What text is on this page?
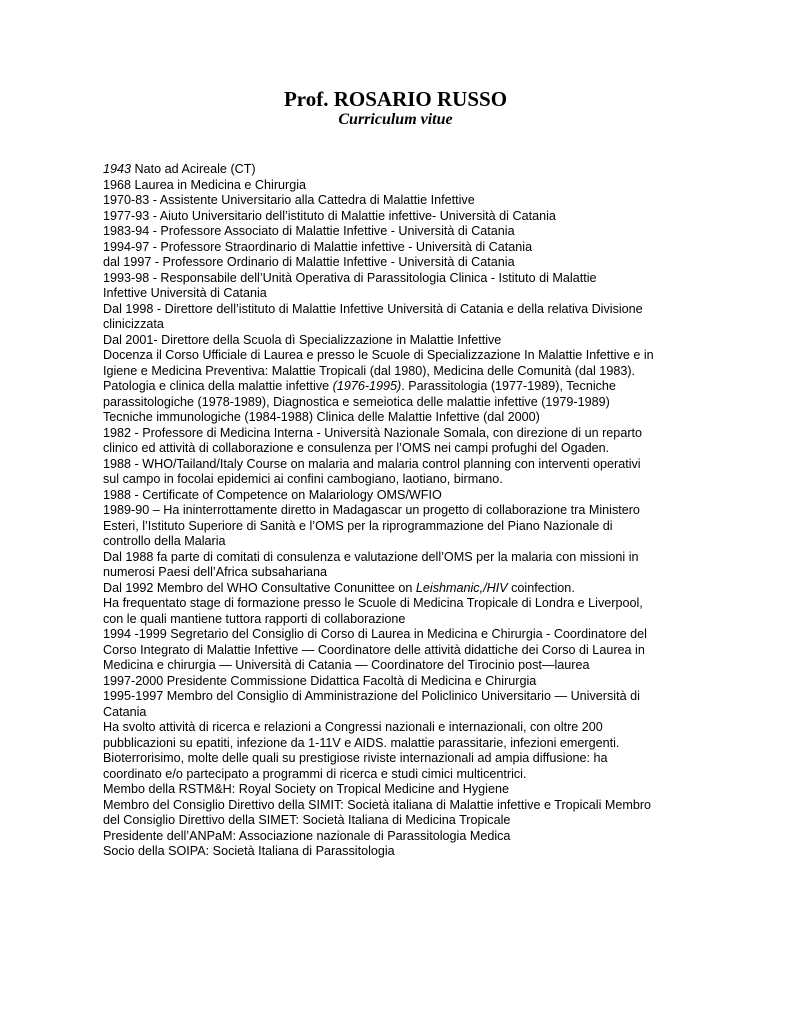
Prof. ROSARIO RUSSO
Curriculum vitue
1943 Nato ad Acireale (CT)
1968 Laurea in Medicina e Chirurgia
1970-83 - Assistente Universitario alla Cattedra di Malattie Infettive
1977-93 - Aiuto Universitario dell’istituto di Malattie infettive- Università di Catania
1983-94 - Professore Associato di Malattie Infettive - Università di Catania
1994-97 - Professore Straordinario di Malattie infettive - Università di Catania
dal 1997 - Professore Ordinario di Malattie Infettive - Università di Catania
1993-98 - Responsabile dell’Unità Operativa di Parassitologia Clinica - Istituto di Malattie
Infettive Università di Catania
Dal 1998 - Direttore dell’istituto di Malattie Infettive Università di Catania e della relativa Divisione
clinicizzata
Dal 2001- Direttore della Scuola dì Specializzazione in Malattie Infettive
Docenza il Corso Ufficiale di Laurea e presso le Scuole di Specializzazione In Malattie Infettive e in
Igiene e Medicina Preventiva: Malattie Tropicali (dal 1980), Medicina delle Comunità (dal 1983).
Patologia e clinica della malattie infettive (1976-1995). Parassitologia (1977-1989), Tecniche
parassitologiche (1978-1989), Diagnostica e semeiotica delle malattie infettive (1979-1989)
Tecniche immunologiche (1984-1988) Clinica delle Malattie Infettive (dal 2000)
1982 - Professore di Medicina Interna - Università Nazionale Somala, con direzione di un reparto
clinico ed attività di collaborazione e consulenza per l’OMS nei campi profughi del Ogaden.
1988 - WHO/Tailand/Italy Course on malaria and malaria control planning con interventi operativi
sul campo in focolai epidemici ai confini cambogiano, laotiano, birmano.
1988 - Certificate of Competence on Malariology OMS/WFIO
1989-90 – Ha ininterrottamente diretto in Madagascar un progetto di collaborazione tra Ministero
Esteri, l’Istituto Superiore di Sanità e l’OMS per la riprogrammazione del Piano Nazionale di
controllo della Malaria
Dal 1988 fa parte di comitati di consulenza e valutazione dell’OMS per la malaria con missioni in
numerosi Paesi dell’Africa subsahariana
Dal 1992 Membro del WHO Consultative Conunittee on Leishmanic,/HIV coinfection.
Ha frequentato stage di formazione presso le Scuole di Medicina Tropicale di Londra e Liverpool,
con le quali mantiene tuttora rapporti di collaborazione
1994 -1999 Segretario del Consiglio di Corso di Laurea in Medicina e Chirurgia - Coordinatore del
Corso Integrato di Malattie Infettive — Coordinatore delle attività didattiche dei Corso di Laurea in
Medicina e chirurgia — Università di Catania — Coordinatore del Tirocinio post—laurea
1997-2000 Presidente Commissione Didattica Facoltà di Medicina e Chirurgia
1995-1997 Membro del Consiglio di Amministrazione del Policlinico Universitario — Università di
Catania
Ha svolto attività di ricerca e relazioni a Congressi nazionali e internazionali, con oltre 200
pubblicazioni su epatiti, infezione da 1-11V e AIDS. malattie parassitarie, infezioni emergenti.
Bioterrorisimo, molte delle quali su prestigiose riviste internazionali ad ampia diffusione: ha
coordinato e/o partecipato a programmi di ricerca e studi cimici multicentrici.
Membo della RSTM&H: Royal Society on Tropical Medicine and Hygiene
Membro del Consiglio Direttivo della SIMIT: Società italiana di Malattie infettive e Tropicali Membro
del Consiglio Direttivo della SIMET: Società Italiana di Medicina Tropicale
Presidente dell’ANPaM: Associazione nazionale di Parassitologia Medica
Socio della SOIPA: Società Italiana di Parassitologia
